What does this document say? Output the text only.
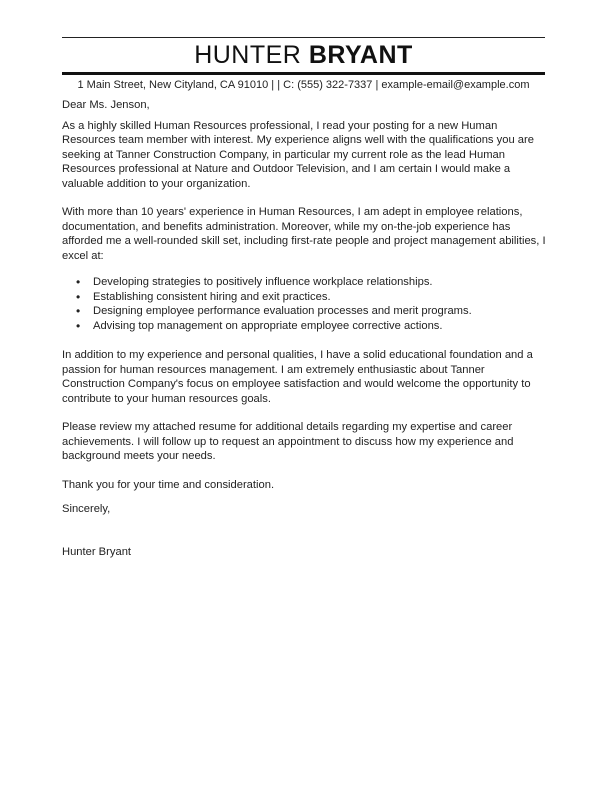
HUNTER BRYANT
1 Main Street, New Cityland, CA 91010 | | C: (555) 322-7337 | example-email@example.com

Dear Ms. Jenson,

As a highly skilled Human Resources professional, I read your posting for a new Human Resources team member with interest. My experience aligns well with the qualifications you are seeking at Tanner Construction Company, in particular my current role as the lead Human Resources professional at Nature and Outdoor Television, and I am certain I would make a valuable addition to your organization.

With more than 10 years' experience in Human Resources, I am adept in employee relations, documentation, and benefits administration. Moreover, while my on-the-job experience has afforded me a well-rounded skill set, including first-rate people and project management abilities, I excel at:

• Developing strategies to positively influence workplace relationships.
• Establishing consistent hiring and exit practices.
• Designing employee performance evaluation processes and merit programs.
• Advising top management on appropriate employee corrective actions.

In addition to my experience and personal qualities, I have a solid educational foundation and a passion for human resources management. I am extremely enthusiastic about Tanner Construction Company's focus on employee satisfaction and would welcome the opportunity to contribute to your human resources goals.

Please review my attached resume for additional details regarding my expertise and career achievements. I will follow up to request an appointment to discuss how my experience and background meets your needs.

Thank you for your time and consideration.

Sincerely,

Hunter Bryant
